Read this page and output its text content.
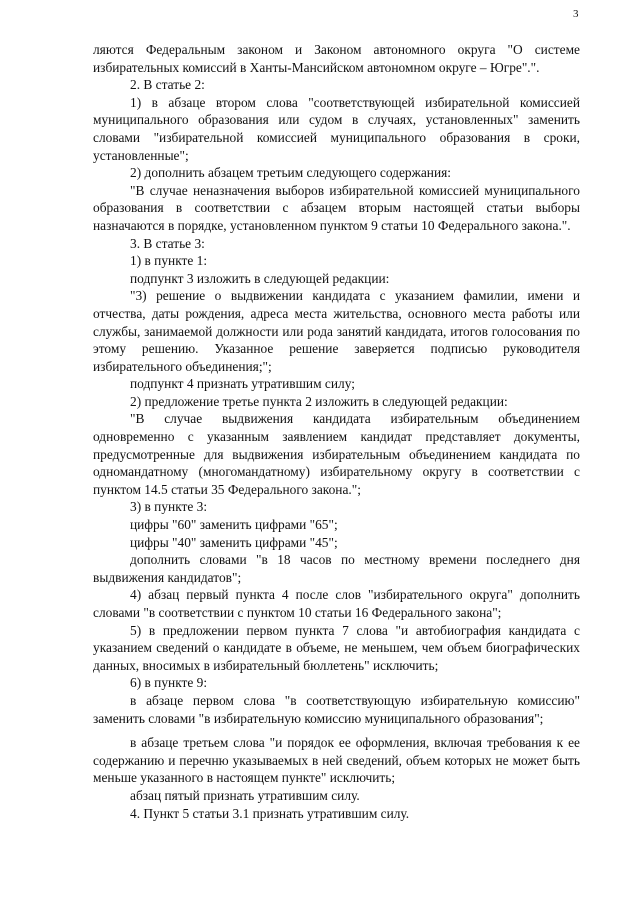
3

ляются Федеральным законом и Законом автономного округа "О системе избирательных комиссий в Ханты-Мансийском автономном округе – Югре".".

2. В статье 2:

1) в абзаце втором слова "соответствующей избирательной комиссией муниципального образования или судом в случаях, установленных" заменить словами "избирательной комиссией муниципального образования в сроки, установленные";

2) дополнить абзацем третьим следующего содержания:

"В случае неназначения выборов избирательной комиссией муниципального образования в соответствии с абзацем вторым настоящей статьи выборы назначаются в порядке, установленном пунктом 9 статьи 10 Федерального закона.".

3. В статье 3:

1) в пункте 1:

подпункт 3 изложить в следующей редакции:

"3) решение о выдвижении кандидата с указанием фамилии, имени и отчества, даты рождения, адреса места жительства, основного места работы или службы, занимаемой должности или рода занятий кандидата, итогов голосования по этому решению. Указанное решение заверяется подписью руководителя избирательного объединения;";

подпункт 4 признать утратившим силу;

2) предложение третье пункта 2 изложить в следующей редакции:

"В случае выдвижения кандидата избирательным объединением одновременно с указанным заявлением кандидат представляет документы, предусмотренные для выдвижения избирательным объединением кандидата по одномандатному (многомандатному) избирательному округу в соответствии с пунктом 14.5 статьи 35 Федерального закона.";

3) в пункте 3:

цифры "60" заменить цифрами "65";

цифры "40" заменить цифрами "45";

дополнить словами "в 18 часов по местному времени последнего дня выдвижения кандидатов";

4) абзац первый пункта 4 после слов "избирательного округа" дополнить словами "в соответствии с пунктом 10 статьи 16 Федерального закона";

5) в предложении первом пункта 7 слова "и автобиография кандидата с указанием сведений о кандидате в объеме, не меньшем, чем объем биографических данных, вносимых в избирательный бюллетень" исключить;

6) в пункте 9:

в абзаце первом слова "в соответствующую избирательную комиссию" заменить словами "в избирательную комиссию муниципального образования";

в абзаце третьем слова "и порядок ее оформления, включая требования к ее содержанию и перечню указываемых в ней сведений, объем которых не может быть меньше указанного в настоящем пункте" исключить;

абзац пятый признать утратившим силу.

4. Пункт 5 статьи 3.1 признать утратившим силу.
